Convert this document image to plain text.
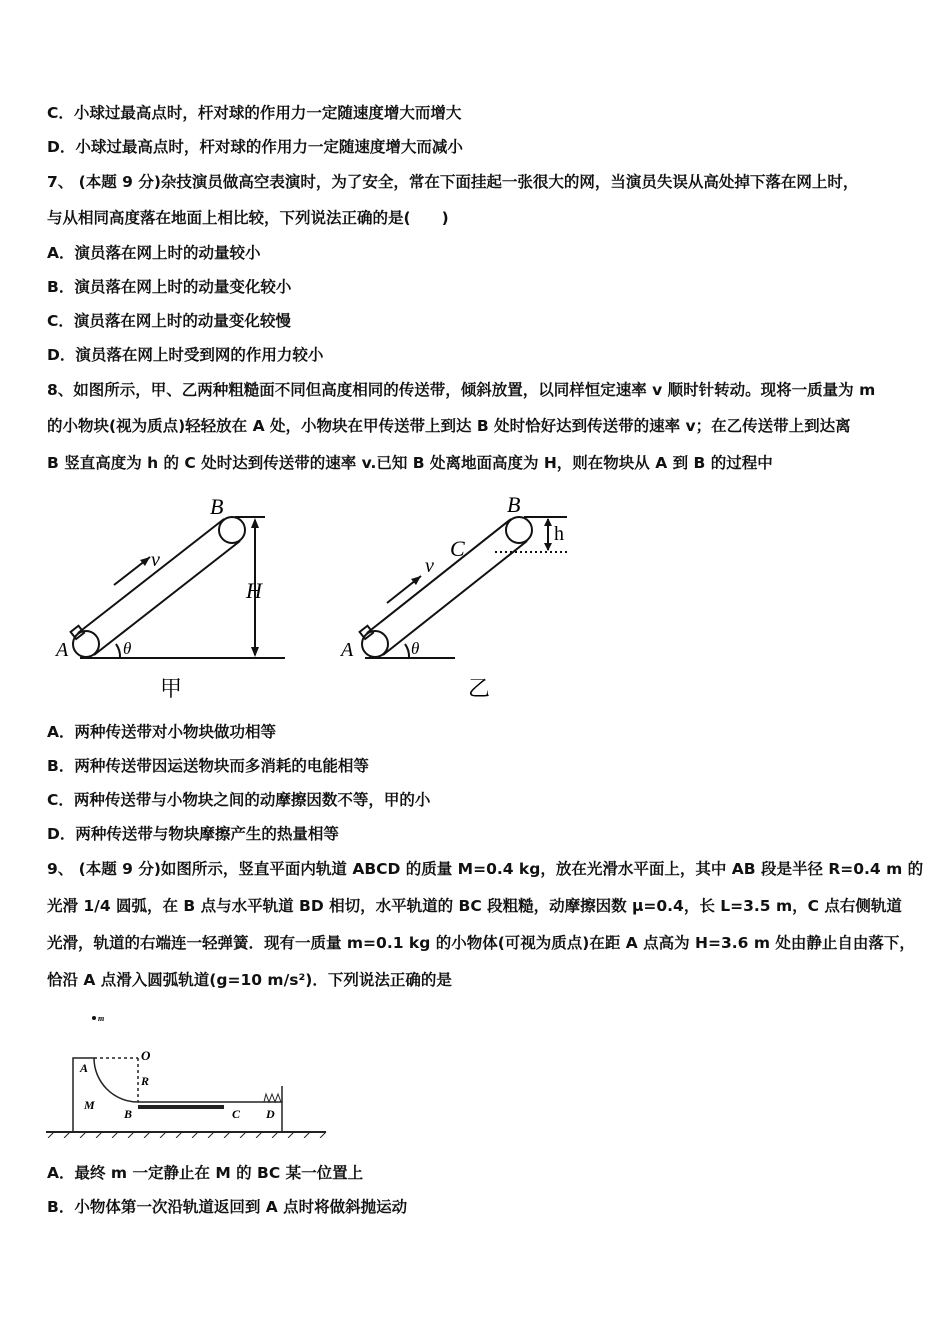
C．小球过最高点时，杆对球的作用力一定随速度增大而增大
D．小球过最高点时，杆对球的作用力一定随速度增大而减小
7、 (本题 9 分)杂技演员做高空表演时，为了安全，常在下面挂起一张很大的网，当演员失误从高处掉下落在网上时，
与从相同高度落在地面上相比较，下列说法正确的是(　　)
A．演员落在网上时的动量较小
B．演员落在网上时的动量变化较小
C．演员落在网上时的动量变化较慢
D．演员落在网上时受到网的作用力较小
8、如图所示，甲、乙两种粗糙面不同但高度相同的传送带，倾斜放置，以同样恒定速率 v 顺时针转动。现将一质量为 m
的小物块(视为质点)轻轻放在 A 处，小物块在甲传送带上到达 B 处时恰好达到传送带的速率 v；在乙传送带上到达离
B 竖直高度为 h 的 C 处时达到传送带的速率 v.已知 B 处离地面高度为 H，则在物块从 A 到 B 的过程中
A
B
v
H
θ
甲
A
B
C
v
h
θ
乙
A．两种传送带对小物块做功相等
B．两种传送带因运送物块而多消耗的电能相等
C．两种传送带与小物块之间的动摩擦因数不等，甲的小
D．两种传送带与物块摩擦产生的热量相等
9、 (本题 9 分)如图所示，竖直平面内轨道 ABCD 的质量 M=0.4 kg，放在光滑水平面上，其中 AB 段是半径 R=0.4 m 的
光滑 1/4 圆弧，在 B 点与水平轨道 BD 相切，水平轨道的 BC 段粗糙，动摩擦因数 μ=0.4，长 L=3.5 m，C 点右侧轨道
光滑，轨道的右端连一轻弹簧．现有一质量 m=0.1 kg 的小物体(可视为质点)在距 A 点高为 H=3.6 m 处由静止自由落下，
恰沿 A 点滑入圆弧轨道(g=10 m/s²)．下列说法正确的是
m
O
A
R
M
B	C D
A．最终 m 一定静止在 M 的 BC 某一位置上
B．小物体第一次沿轨道返回到 A 点时将做斜抛运动
